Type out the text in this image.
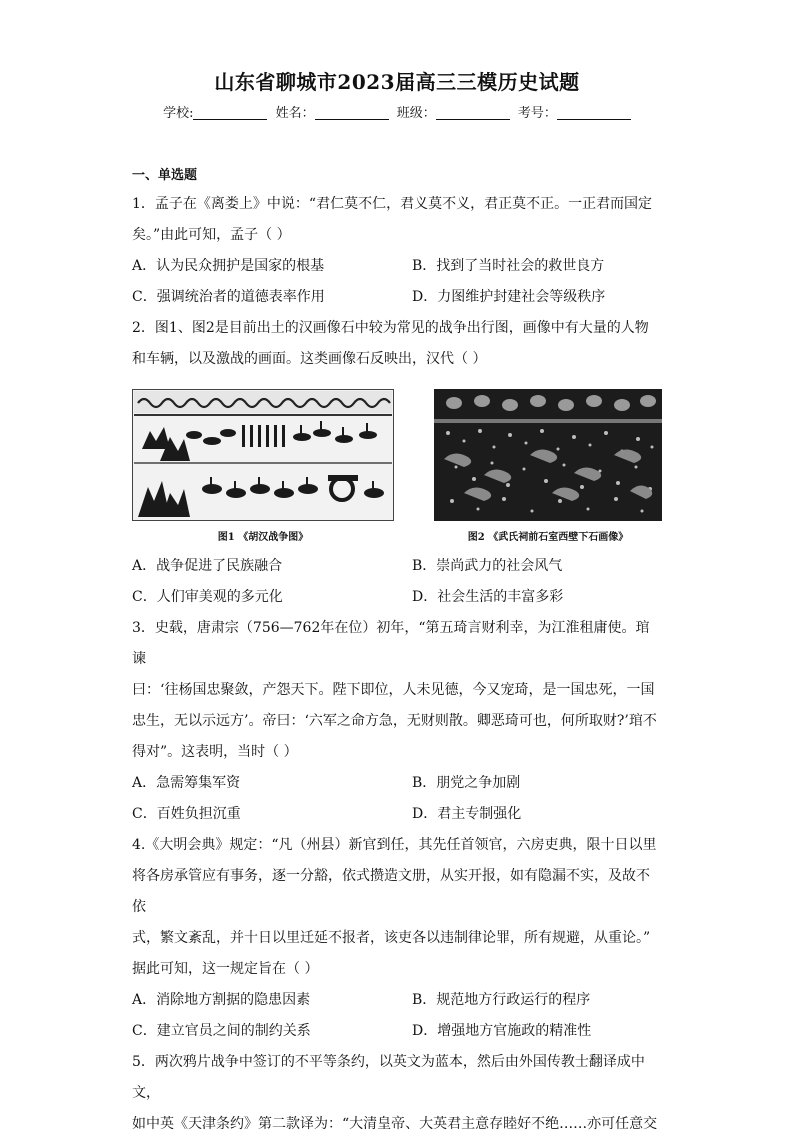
山东省聊城市2023届高三三模历史试题
学校:	姓名：	班级：	考号：
一、单选题

1．孟子在《离娄上》中说：“君仁莫不仁，君义莫不义，君正莫不正。一正君而国定

矣。”由此可知，孟子（ ）

A．认为民众拥护是国家的根基	B．找到了当时社会的救世良方
C．强调统治者的道德表率作用	D．力图维护封建社会等级秩序

2．图1、图2是目前出土的汉画像石中较为常见的战争出行图，画像中有大量的人物

和车辆，以及激战的画面。这类画像石反映出，汉代（ ）

图1 《胡汉战争图》	图2 《武氏祠前石室西壁下石画像》
A．战争促进了民族融合	B．崇尚武力的社会风气
C．人们审美观的多元化	D．社会生活的丰富多彩

3．史载，唐肃宗（756—762年在位）初年，“第五琦言财利幸，为江淮租庸使。琯谏

曰：‘往杨国忠聚敛，产怨天下。陛下即位，人未见德，今又宠琦，是一国忠死，一国

忠生，无以示远方’。帝曰：‘六军之命方急，无财则散。卿恶琦可也，何所取财?’琯不

得对”。这表明，当时（ ）

A．急需筹集军资	B．朋党之争加剧
C．百姓负担沉重	D．君主专制强化

4.《大明会典》规定：“凡（州县）新官到任，其先任首领官，六房吏典，限十日以里

将各房承管应有事务，逐一分豁，依式攒造文册，从实开报，如有隐漏不实，及故不依

式，繁文紊乱，并十日以里迁延不报者，该吏各以违制律论罪，所有规避，从重论。”

据此可知，这一规定旨在（ ）

A．消除地方割据的隐患因素	B．规范地方行政运行的程序
C．建立官员之间的制约关系	D．增强地方官施政的精准性

5．两次鸦片战争中签订的不平等条约，以英文为蓝本，然后由外国传教士翻译成中文，

如中英《天津条约》第二款译为：“大清皇帝、大英君主意存睦好不绝……亦可任意交
